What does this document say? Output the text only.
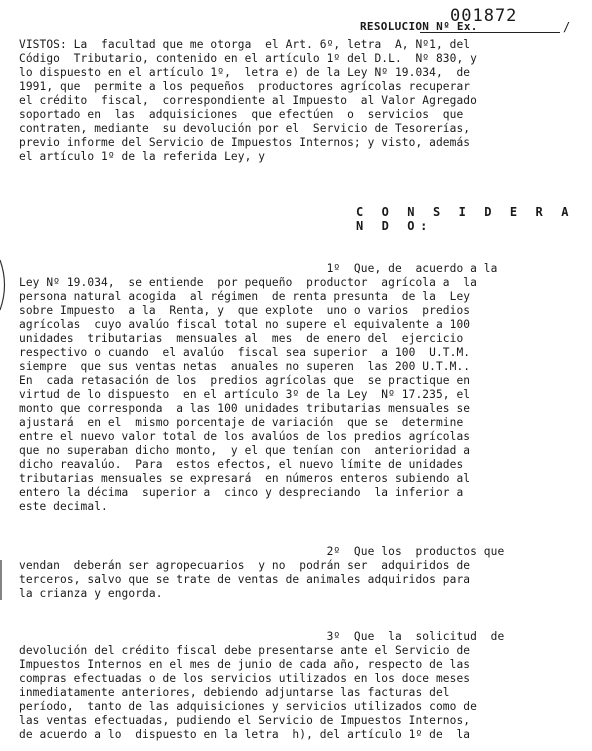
001872
RESOLUCION Nº Ex.	/
VISTOS: La  facultad que me otorga  el Art. 6º, letra  A, Nº1, del
Código  Tributario, contenido en el artículo 1º del D.L.  Nº 830, y
lo dispuesto en el artículo 1º,  letra e) de la Ley Nº 19.034,  de
1991, que  permite a los pequeños  productores agrícolas recuperar
el crédito  fiscal,  correspondiente al Impuesto  al Valor Agregado
soportado en  las  adquisiciones  que efectúen  o  servicios  que
contraten, mediante  su devolución por el  Servicio de Tesorerías,
previo informe del Servicio de Impuestos Internos; y visto, además
el artículo 1º de la referida Ley, y
C O N S I D E R A N D O:
1º  Que, de  acuerdo a la
Ley Nº 19.034,  se entiende  por pequeño  productor  agrícola a  la
persona natural acogida  al régimen  de renta presunta  de la  Ley
sobre Impuesto  a la  Renta, y  que explote  uno o varios  predios
agrícolas  cuyo avalúo fiscal total no supere el equivalente a 100
unidades  tributarias  mensuales al  mes  de enero del  ejercicio
respectivo o cuando  el avalúo  fiscal sea superior  a 100  U.T.M.
siempre  que sus ventas netas  anuales no superen  las 200 U.T.M..
En  cada retasación de los  predios agrícolas que  se practique en
virtud de lo dispuesto  en el artículo 3º de la Ley  Nº 17.235, el
monto que corresponda  a las 100 unidades tributarias mensuales se
ajustará  en el  mismo porcentaje de variación  que se  determine
entre el nuevo valor total de los avalúos de los predios agrícolas
que no superaban dicho monto,  y el que tenían con  anterioridad a
dicho reavalúo.  Para  estos efectos, el nuevo límite de unidades
tributarias mensuales se expresará  en números enteros subiendo al
entero la décima  superior a  cinco y despreciando  la inferior a
este decimal.
2º  Que los  productos que
vendan  deberán ser agropecuarios  y no  podrán ser  adquiridos de
terceros, salvo que se trate de ventas de animales adquiridos para
la crianza y engorda.
3º  Que  la  solicitud  de
devolución del crédito fiscal debe presentarse ante el Servicio de
Impuestos Internos en el mes de junio de cada año, respecto de las
compras efectuadas o de los servicios utilizados en los doce meses
inmediatamente anteriores, debiendo adjuntarse las facturas del
período,  tanto de las adquisiciones y servicios utilizados como de
las ventas efectuadas, pudiendo el Servicio de Impuestos Internos,
de acuerdo a lo  dispuesto en la letra  h), del artículo 1º de  la
